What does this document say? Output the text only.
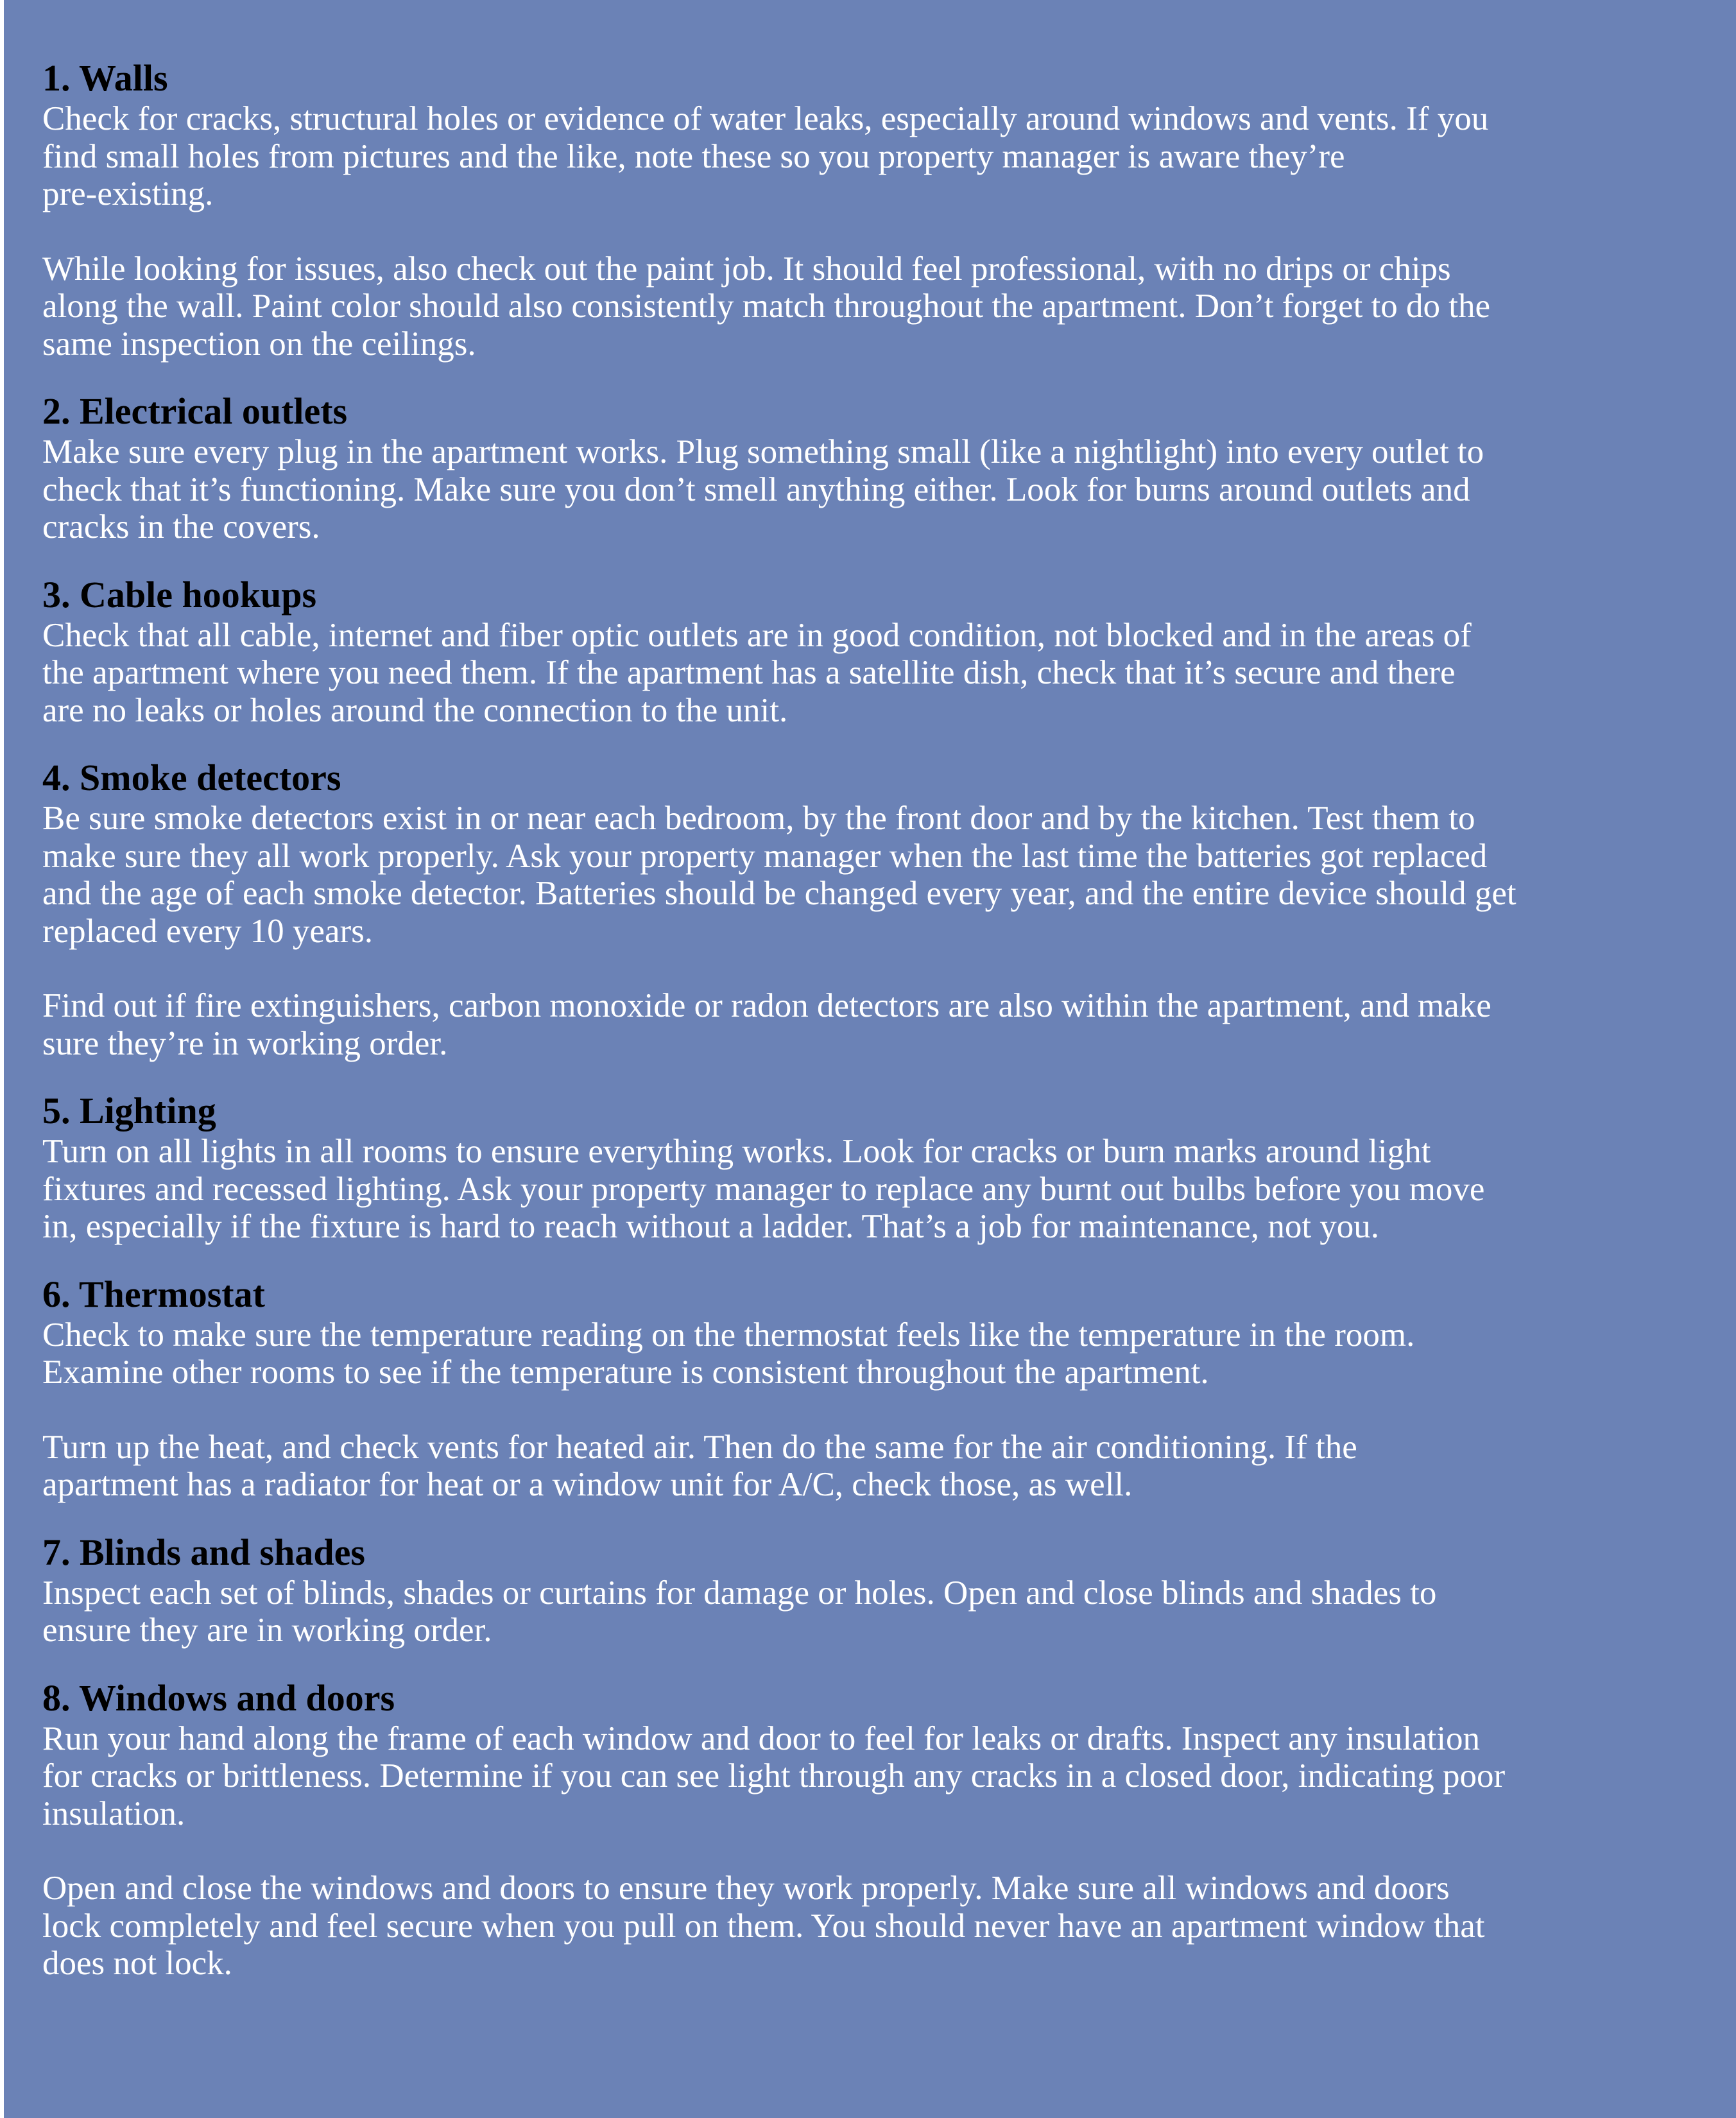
1. Walls

Check for cracks, structural holes or evidence of water leaks, especially around windows and vents. If you
find small holes from pictures and the like, note these so you property manager is aware they’re
pre-existing.

While looking for issues, also check out the paint job. It should feel professional, with no drips or chips
along the wall. Paint color should also consistently match throughout the apartment. Don’t forget to do the
same inspection on the ceilings.

2. Electrical outlets

Make sure every plug in the apartment works. Plug something small (like a nightlight) into every outlet to
check that it’s functioning. Make sure you don’t smell anything either. Look for burns around outlets and
cracks in the covers.

3. Cable hookups

Check that all cable, internet and fiber optic outlets are in good condition, not blocked and in the areas of
the apartment where you need them. If the apartment has a satellite dish, check that it’s secure and there
are no leaks or holes around the connection to the unit.

4. Smoke detectors

Be sure smoke detectors exist in or near each bedroom, by the front door and by the kitchen. Test them to
make sure they all work properly. Ask your property manager when the last time the batteries got replaced
and the age of each smoke detector. Batteries should be changed every year, and the entire device should get
replaced every 10 years.

Find out if fire extinguishers, carbon monoxide or radon detectors are also within the apartment, and make
sure they’re in working order.

5. Lighting

Turn on all lights in all rooms to ensure everything works. Look for cracks or burn marks around light
fixtures and recessed lighting. Ask your property manager to replace any burnt out bulbs before you move
in, especially if the fixture is hard to reach without a ladder. That’s a job for maintenance, not you.

6. Thermostat

Check to make sure the temperature reading on the thermostat feels like the temperature in the room.
Examine other rooms to see if the temperature is consistent throughout the apartment.

Turn up the heat, and check vents for heated air. Then do the same for the air conditioning. If the
apartment has a radiator for heat or a window unit for A/C, check those, as well.

7. Blinds and shades

Inspect each set of blinds, shades or curtains for damage or holes. Open and close blinds and shades to
ensure they are in working order.

8. Windows and doors

Run your hand along the frame of each window and door to feel for leaks or drafts. Inspect any insulation
for cracks or brittleness. Determine if you can see light through any cracks in a closed door, indicating poor
insulation.

Open and close the windows and doors to ensure they work properly. Make sure all windows and doors
lock completely and feel secure when you pull on them. You should never have an apartment window that
does not lock.
